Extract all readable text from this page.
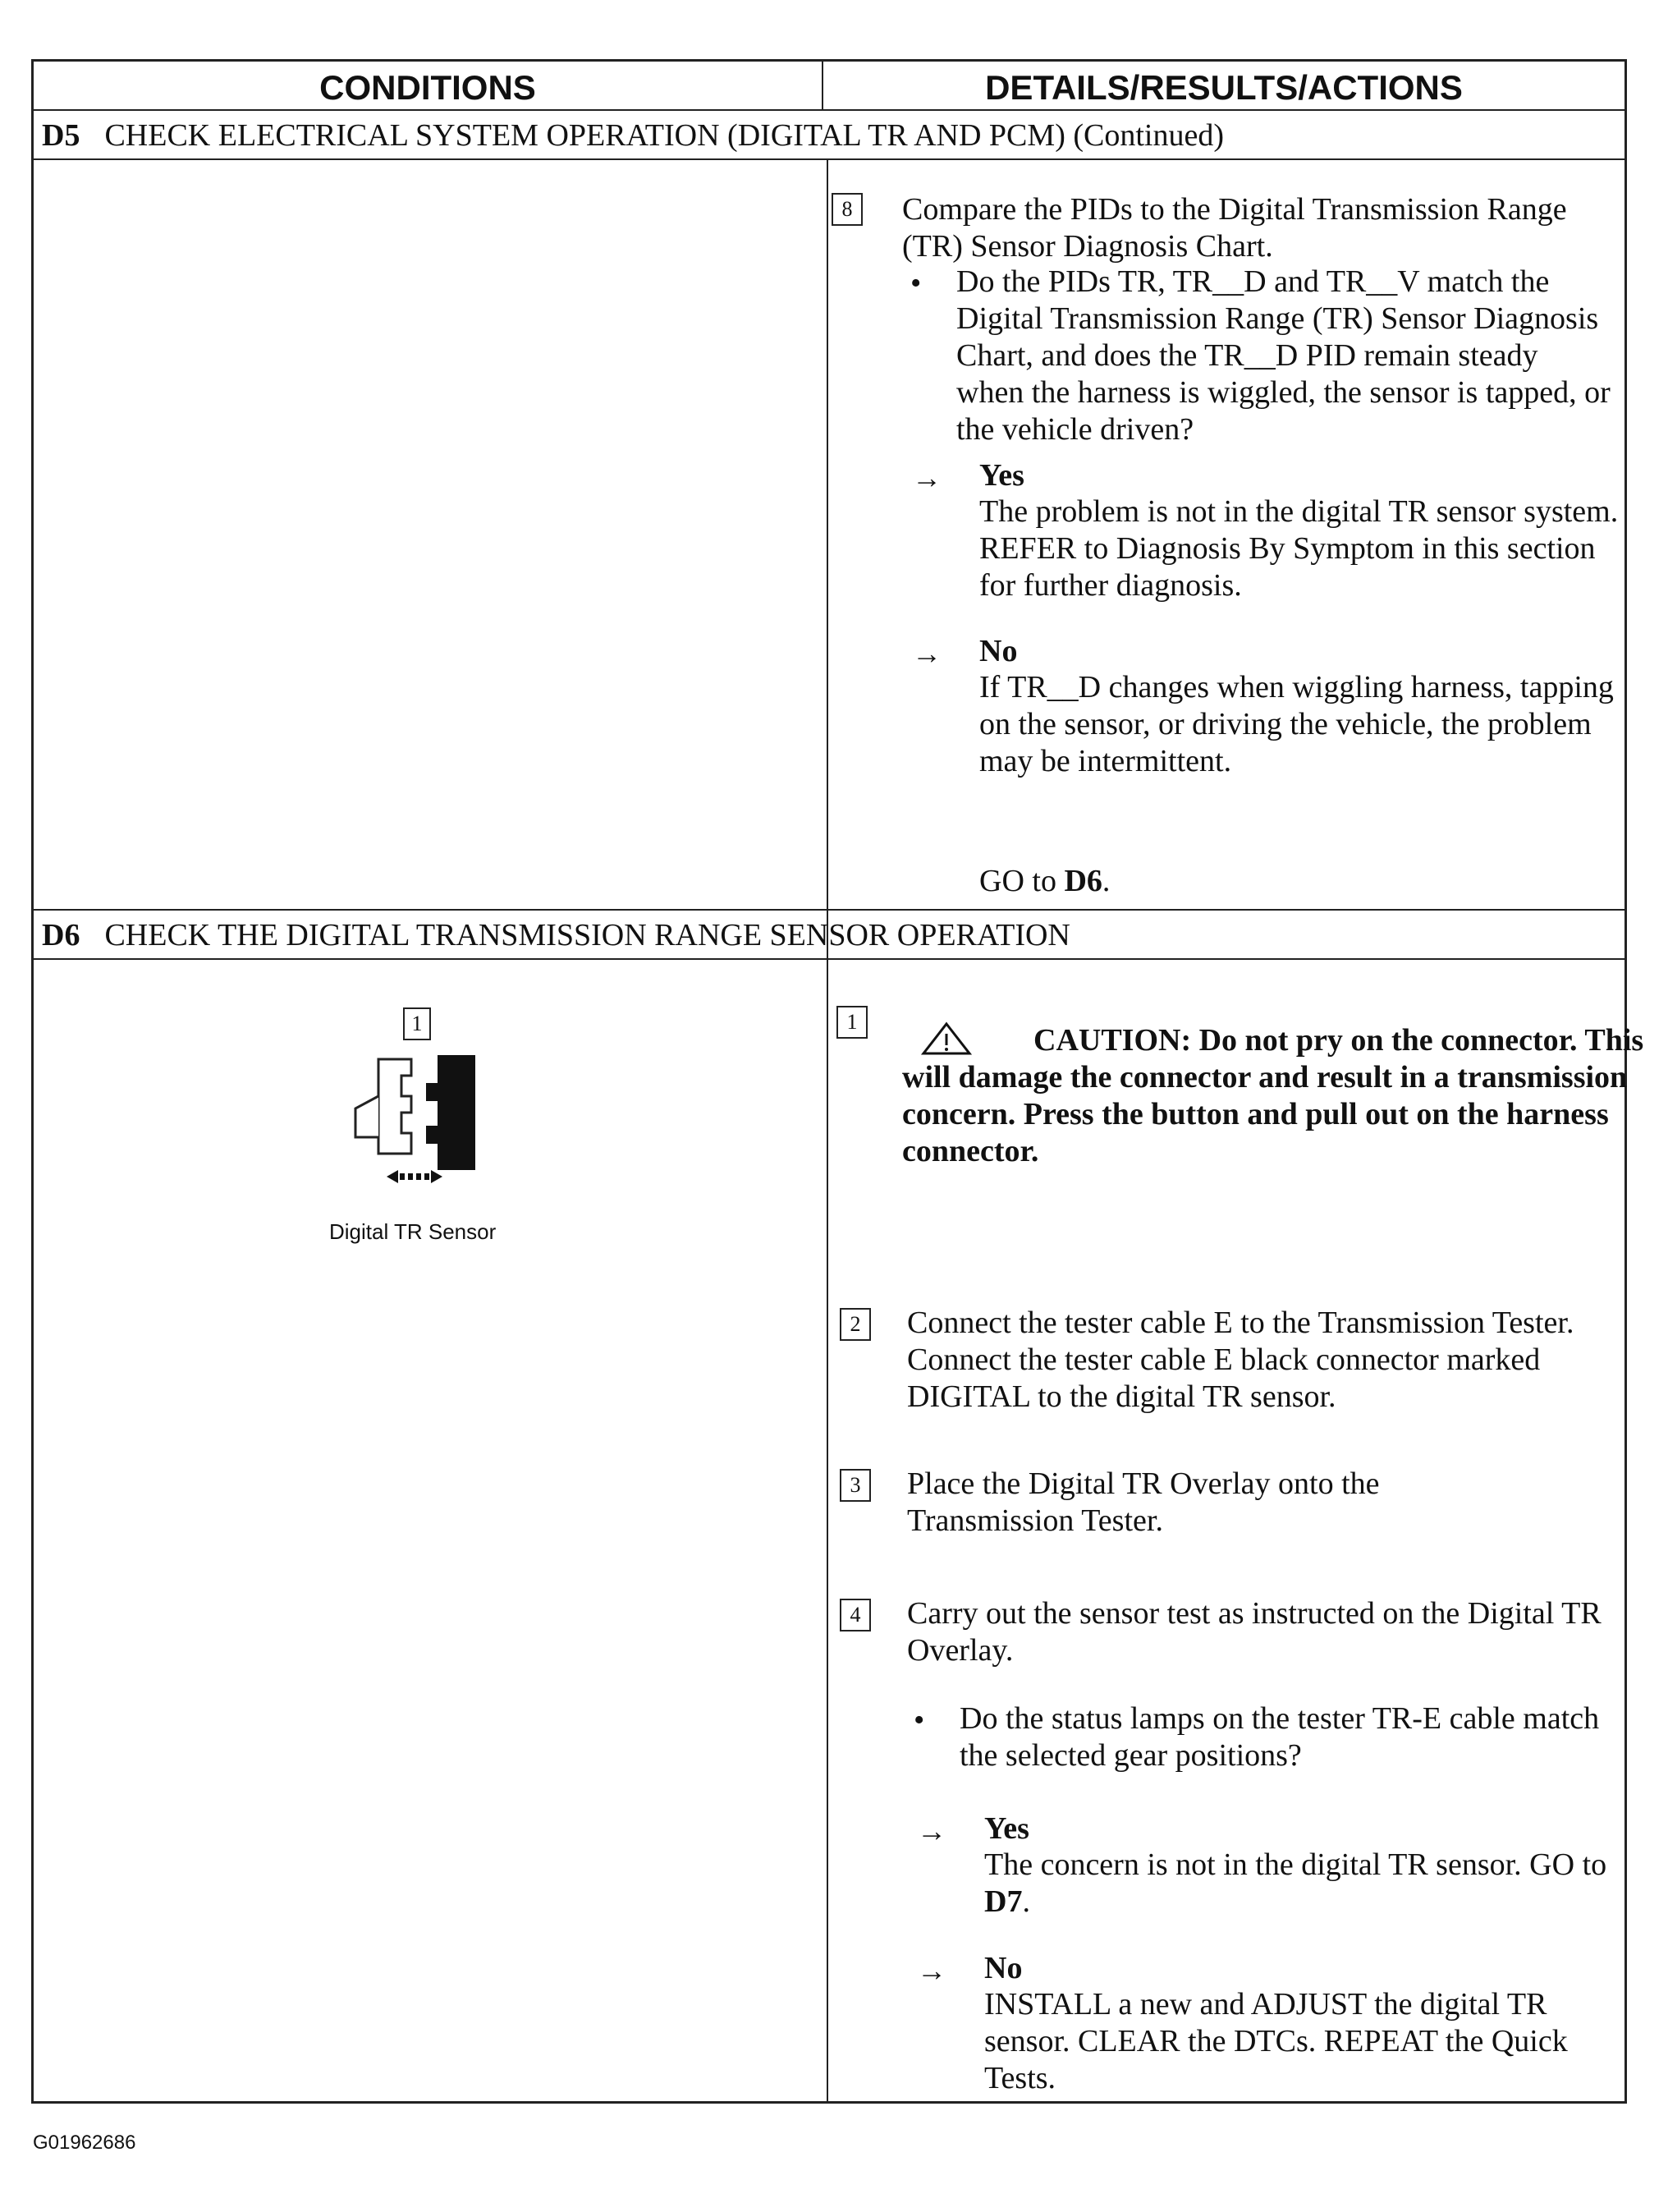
CONDITIONS	DETAILS/RESULTS/ACTIONS
D5 CHECK ELECTRICAL SYSTEM OPERATION (DIGITAL TR AND PCM) (Continued)
8	Compare the PIDs to the Digital Transmission Range (TR) Sensor Diagnosis Chart.
• Do the PIDs TR, TR__D and TR__V match the Digital Transmission Range (TR) Sensor Diagnosis Chart, and does the TR__D PID remain steady when the harness is wiggled, the sensor is tapped, or the vehicle driven?
→ Yes
The problem is not in the digital TR sensor system. REFER to Diagnosis By Symptom in this section for further diagnosis.
→ No
If TR__D changes when wiggling harness, tapping on the sensor, or driving the vehicle, the problem may be intermittent.
GO to D6.
D6 CHECK THE DIGITAL TRANSMISSION RANGE SENSOR OPERATION
1
Digital TR Sensor
1
CAUTION: Do not pry on the connector. This will damage the connector and result in a transmission concern. Press the button and pull out on the harness connector.
2	Connect the tester cable E to the Transmission Tester. Connect the tester cable E black connector marked DIGITAL to the digital TR sensor.
3	Place the Digital TR Overlay onto the Transmission Tester.
4	Carry out the sensor test as instructed on the Digital TR Overlay.
• Do the status lamps on the tester TR-E cable match the selected gear positions?
→ Yes
The concern is not in the digital TR sensor. GO to D7.
→ No
INSTALL a new and ADJUST the digital TR sensor. CLEAR the DTCs. REPEAT the Quick Tests.
G01962686
